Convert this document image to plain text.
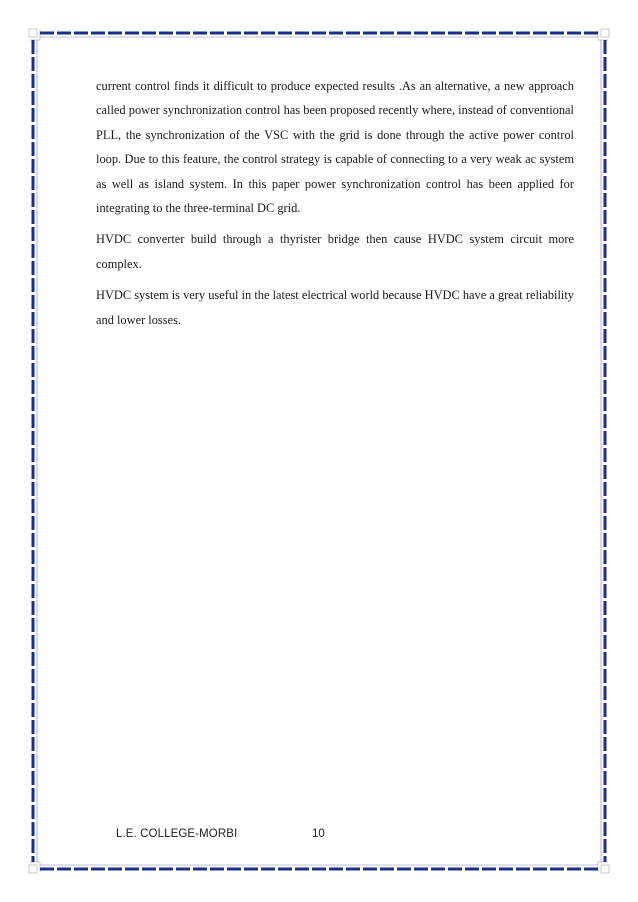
current control finds it difficult to produce expected results .As an alternative, a new approach called power synchronization control has been proposed recently where, instead of conventional PLL, the synchronization of the VSC with the grid is done through the active power control loop. Due to this feature, the control strategy is capable of connecting to a very weak ac system as well as island system. In this paper power synchronization control has been applied for integrating to the three-terminal DC grid.

HVDC converter build through a thyrister bridge then cause HVDC system circuit more complex.

HVDC system is very useful in the latest electrical world because HVDC have a great reliability and lower losses.

L.E. COLLEGE-MORBI	10
